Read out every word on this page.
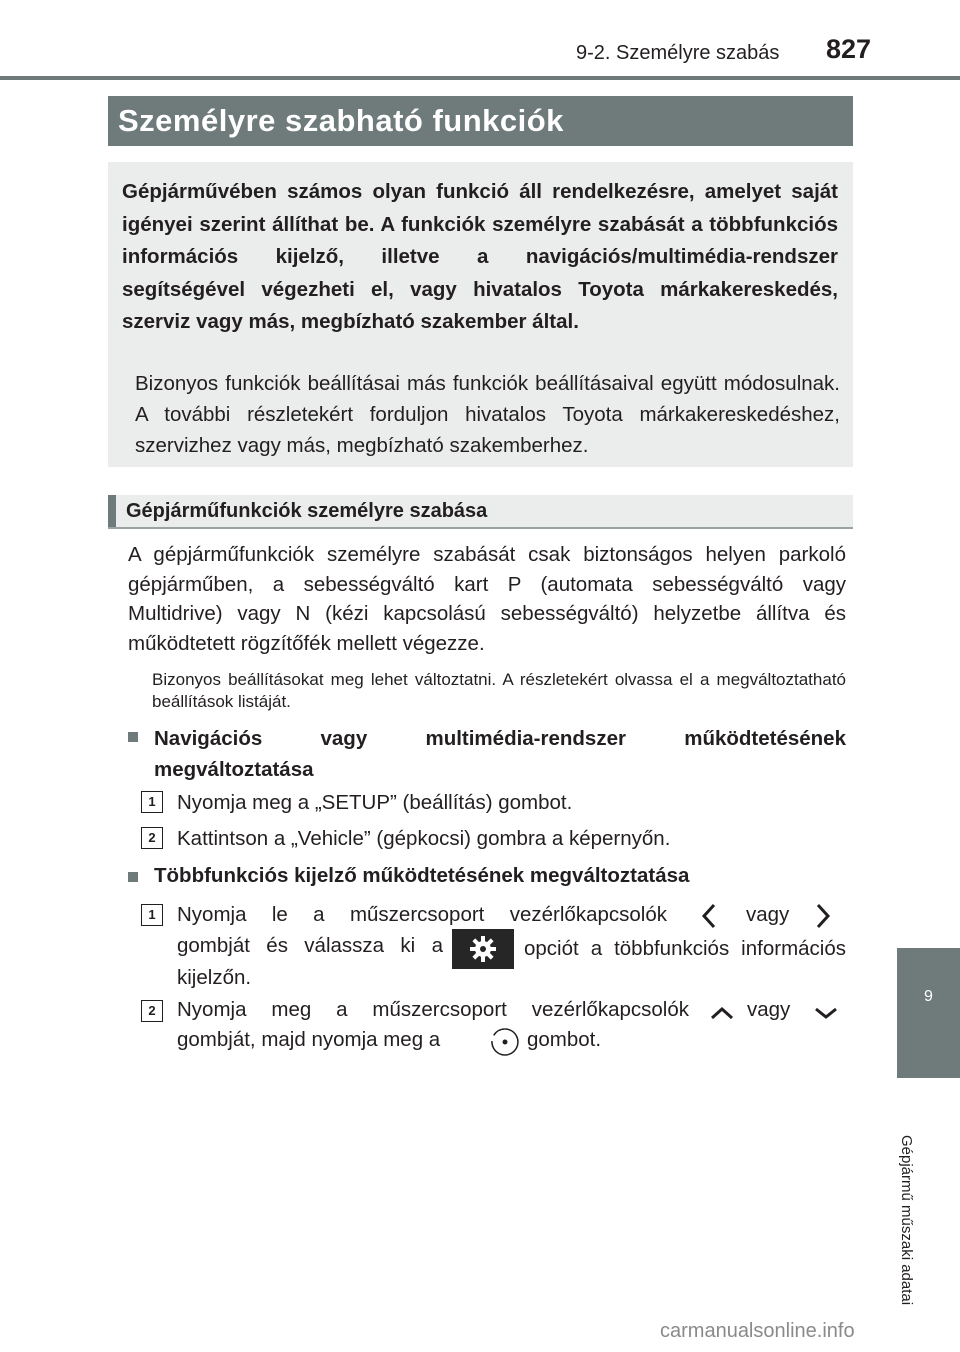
9-2. Személyre szabás 827
Személyre szabható funkciók
Gépjárművében számos olyan funkció áll rendelkezésre, amelyet saját igényei szerint állíthat be. A funkciók személyre szabását a többfunkciós információs kijelző, illetve a navigációs/multimédia-rendszer segítségével végezheti el, vagy hivatalos Toyota márkakereskedés, szerviz vagy más, megbízható szakember által.
Bizonyos funkciók beállításai más funkciók beállításaival együtt módosulnak. A további részletekért forduljon hivatalos Toyota márkakereskedéshez, szervizhez vagy más, megbízható szakemberhez.
Gépjárműfunkciók személyre szabása
A gépjárműfunkciók személyre szabását csak biztonságos helyen parkoló gépjárműben, a sebességváltó kart P (automata sebességváltó vagy Multidrive) vagy N (kézi kapcsolású sebességváltó) helyzetbe állítva és működtetett rögzítőfék mellett végezze.
Bizonyos beállításokat meg lehet változtatni. A részletekért olvassa el a megváltoztatható beállítások listáját.
Navigációs vagy multimédia-rendszer működtetésének megváltoztatása
1	Nyomja meg a „SETUP” (beállítás) gombot.
2	Kattintson a „Vehicle” (gépkocsi) gombra a képernyőn.
Többfunkciós kijelző működtetésének megváltoztatása
1	Nyomja le a műszercsoport vezérlőkapcsolók	vagy
gombját és válassza ki a	opciót a többfunkciós információs kijelzőn.
2	Nyomja meg a műszercsoport vezérlőkapcsolók	vagy
gombját, majd nyomja meg a	gombot.
9
Gépjármű műszaki adatai
carmanualsonline.info
